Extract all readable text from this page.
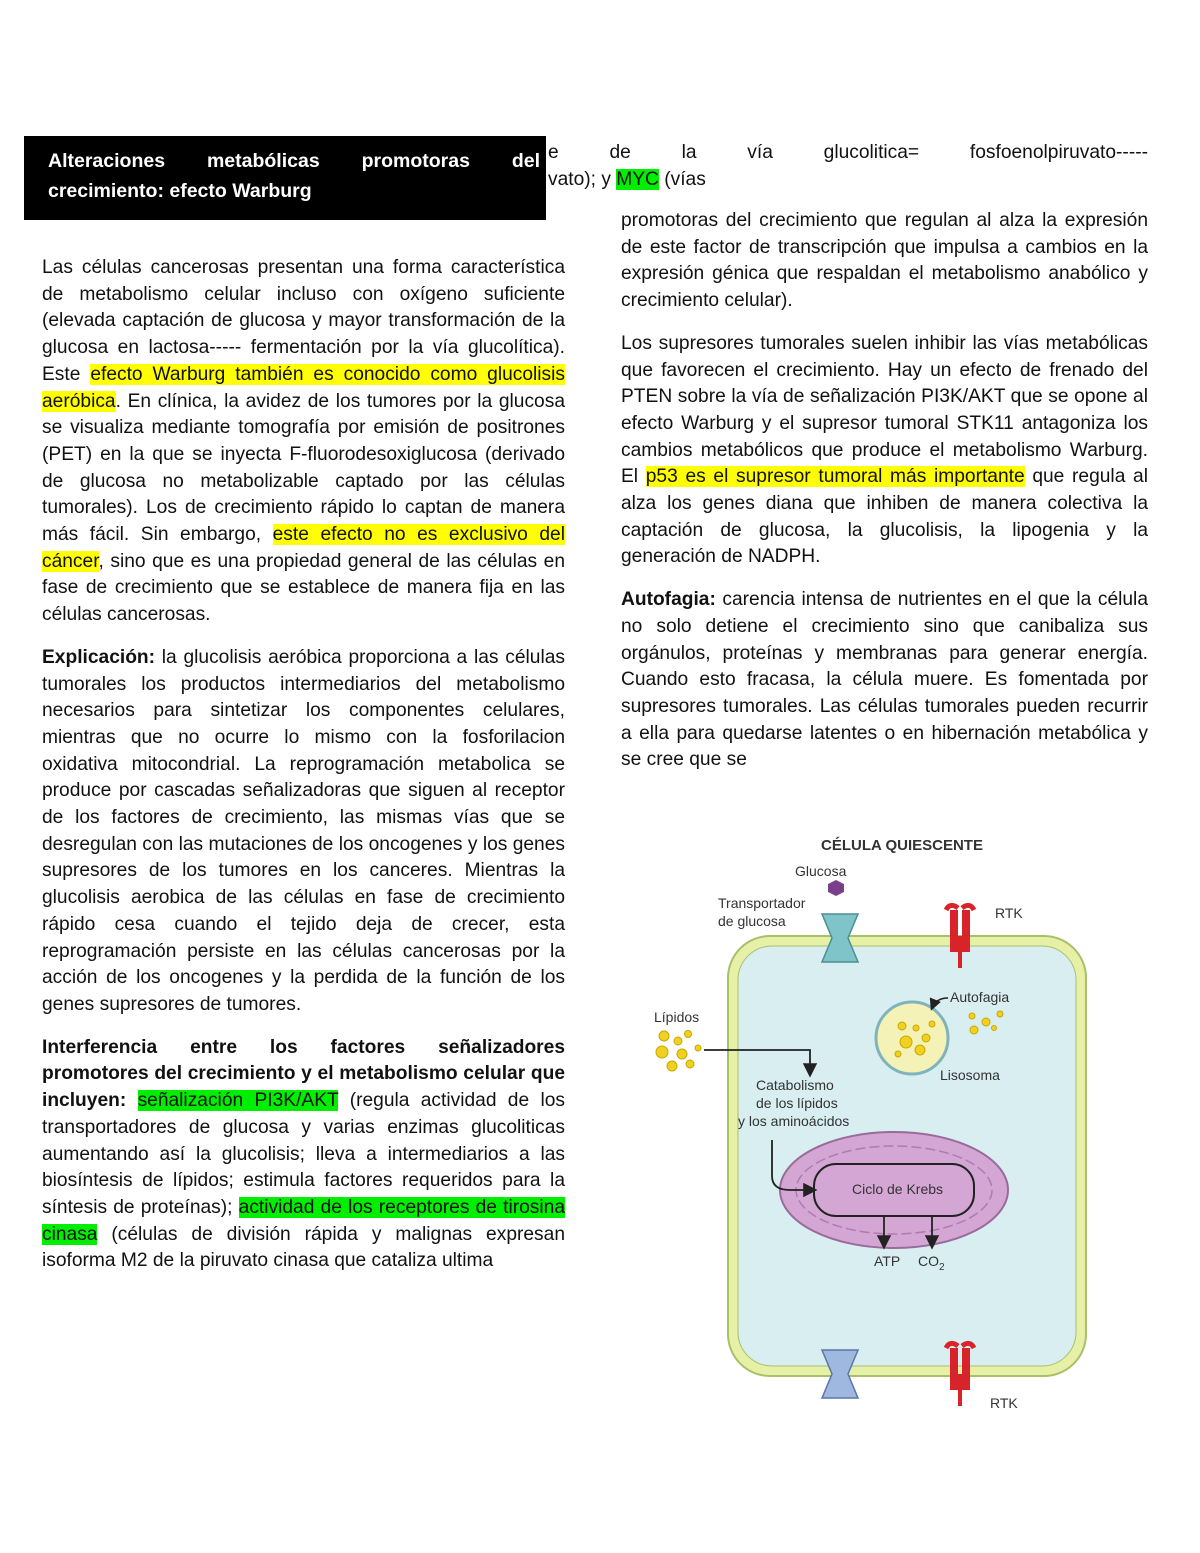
Alteraciones metabólicas promotoras del
crecimiento: efecto Warburg
e de la vía glucolitica= fosfoenolpiruvato-----
vato); y MYC (vías

Las células cancerosas presentan una forma característica de metabolismo celular incluso con oxígeno suficiente (elevada captación de glucosa y mayor transformación de la glucosa en lactosa----- fermentación por la vía glucolítica). Este efecto Warburg también es conocido como glucolisis aeróbica. En clínica, la avidez de los tumores por la glucosa se visualiza mediante tomografía por emisión de positrones (PET) en la que se inyecta F-fluorodesoxiglucosa (derivado de glucosa no metabolizable captado por las células tumorales). Los de crecimiento rápido lo captan de manera más fácil. Sin embargo, este efecto no es exclusivo del cáncer, sino que es una propiedad general de las células en fase de crecimiento que se establece de manera fija en las células cancerosas.

Explicación: la glucolisis aeróbica proporciona a las células tumorales los productos intermediarios del metabolismo necesarios para sintetizar los componentes celulares, mientras que no ocurre lo mismo con la fosforilacion oxidativa mitocondrial. La reprogramación metabolica se produce por cascadas señalizadoras que siguen al receptor de los factores de crecimiento, las mismas vías que se desregulan con las mutaciones de los oncogenes y los genes supresores de los tumores en los canceres. Mientras la glucolisis aerobica de las células en fase de crecimiento rápido cesa cuando el tejido deja de crecer, esta reprogramación persiste en las células cancerosas por la acción de los oncogenes y la perdida de la función de los genes supresores de tumores.

Interferencia entre los factores señalizadores promotores del crecimiento y el metabolismo celular que incluyen: señalización PI3K/AKT (regula actividad de los transportadores de glucosa y varias enzimas glucoliticas aumentando así la glucolisis; lleva a intermediarios a las biosíntesis de lípidos; estimula factores requeridos para la síntesis de proteínas); actividad de los receptores de tirosina cinasa (células de división rápida y malignas expresan isoforma M2 de la piruvato cinasa que cataliza ultima

promotoras del crecimiento que regulan al alza la expresión de este factor de transcripción que impulsa a cambios en la expresión génica que respaldan el metabolismo anabólico y crecimiento celular).

Los supresores tumorales suelen inhibir las vías metabólicas que favorecen el crecimiento. Hay un efecto de frenado del PTEN sobre la vía de señalización PI3K/AKT que se opone al efecto Warburg y el supresor tumoral STK11 antagoniza los cambios metabólicos que produce el metabolismo Warburg. El p53 es el supresor tumoral más importante que regula al alza los genes diana que inhiben de manera colectiva la captación de glucosa, la glucolisis, la lipogenia y la generación de NADPH.

Autofagia: carencia intensa de nutrientes en el que la célula no solo detiene el crecimiento sino que canibaliza sus orgánulos, proteínas y membranas para generar energía. Cuando esto fracasa, la célula muere. Es fomentada por supresores tumorales. Las células tumorales pueden recurrir a ella para quedarse latentes o en hibernación metabólica y se cree que se

CÉLULA QUIESCENTE
Glucosa
Transportador
de glucosa	RTK
RTK
Lípidos
Autofagia
Lisosoma
Catabolismo
de los lípidos
y los aminoácidos
Ciclo de Krebs
ATP $CO_2$
